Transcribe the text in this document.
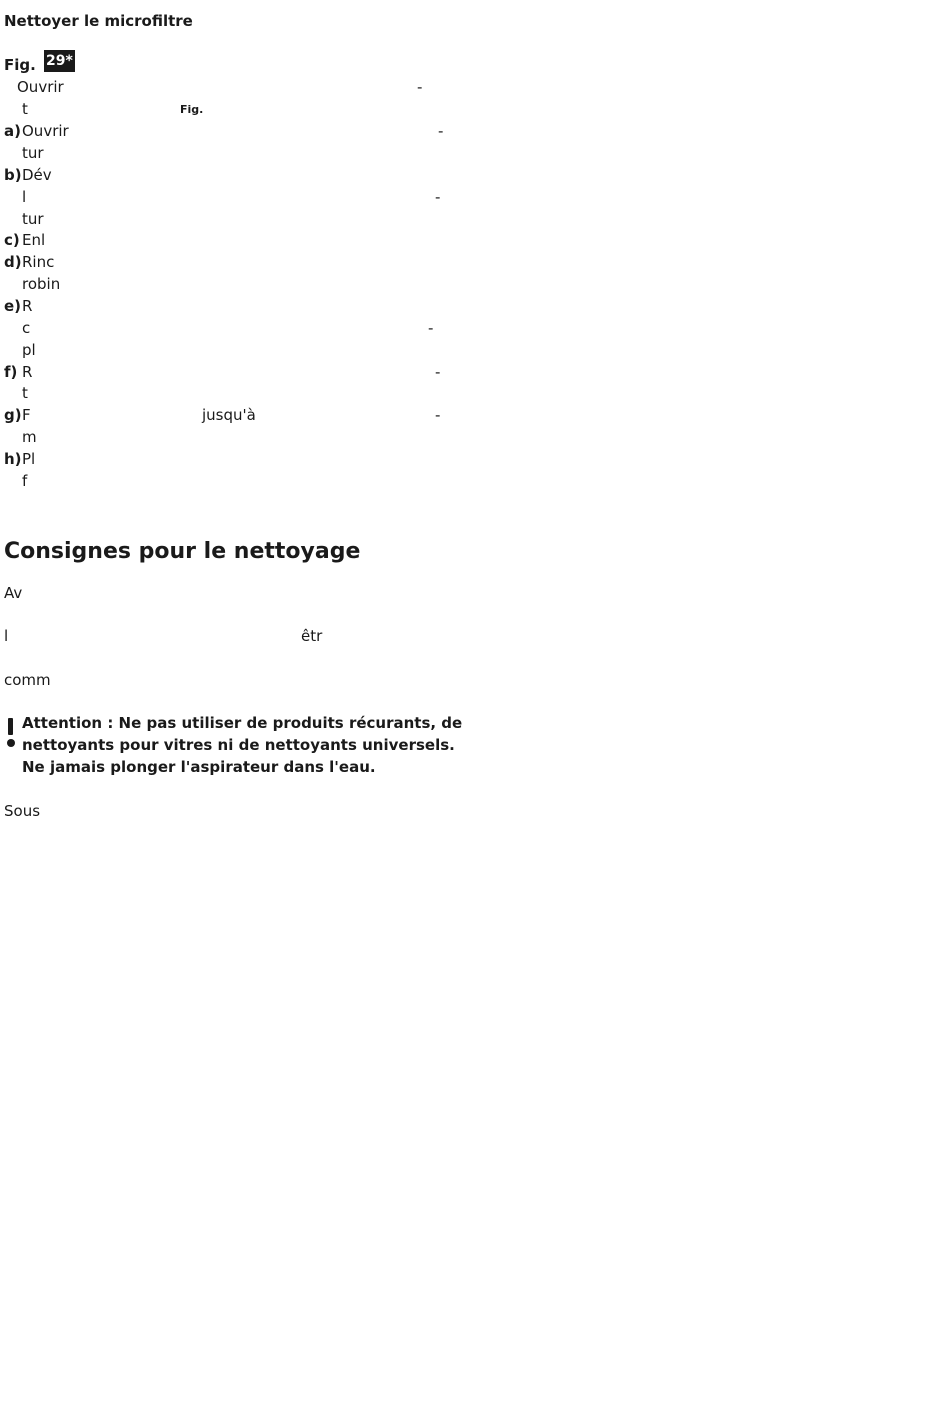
Nettoyer le microfiltre
Fig. 29*
Ouvrir	-
t	Fig.
a) Ouvrir	-
tur
b) Dév
l	-
tur
c) Enl
d) Rinc
robin
e) R
c	-
pl
f) R	-
t
g) F	jusqu'à	-
m
h) Pl
f
Consignes pour le nettoyage
Av
l	êtr
comm
Attention : Ne pas utiliser de produits récurants, de
nettoyants pour vitres ni de nettoyants universels.
Ne jamais plonger l'aspirateur dans l'eau.
Sous
